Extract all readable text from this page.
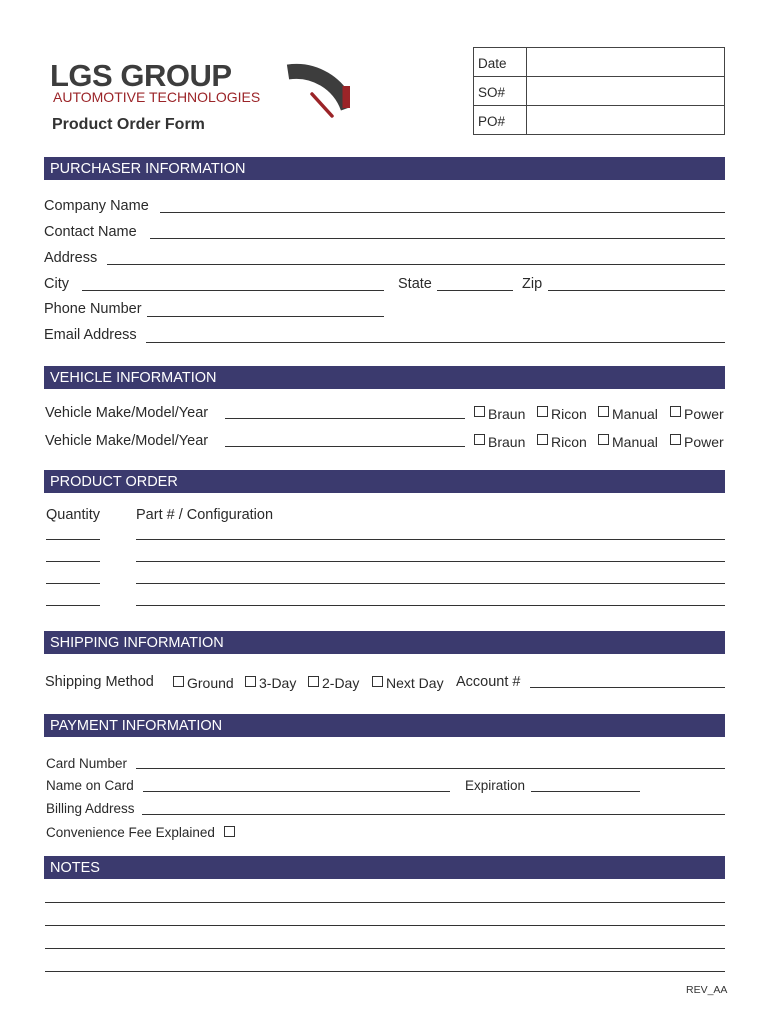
LGS GROUP
AUTOMOTIVE TECHNOLOGIES
Product Order Form
Date
SO#
PO#
PURCHASER INFORMATION
Company Name
Contact Name
Address
City	State	Zip
Phone Number
Email Address
VEHICLE INFORMATION
Vehicle Make/Model/Year	Braun Ricon Manual Power
Vehicle Make/Model/Year	Braun Ricon Manual Power
PRODUCT ORDER
Quantity Part # / Configuration
SHIPPING INFORMATION
Shipping Method Ground 3-Day 2-Day Next Day Account #
PAYMENT INFORMATION
Card Number
Name on Card	Expiration
Billing Address
Convenience Fee Explained
NOTES
REV_AA
